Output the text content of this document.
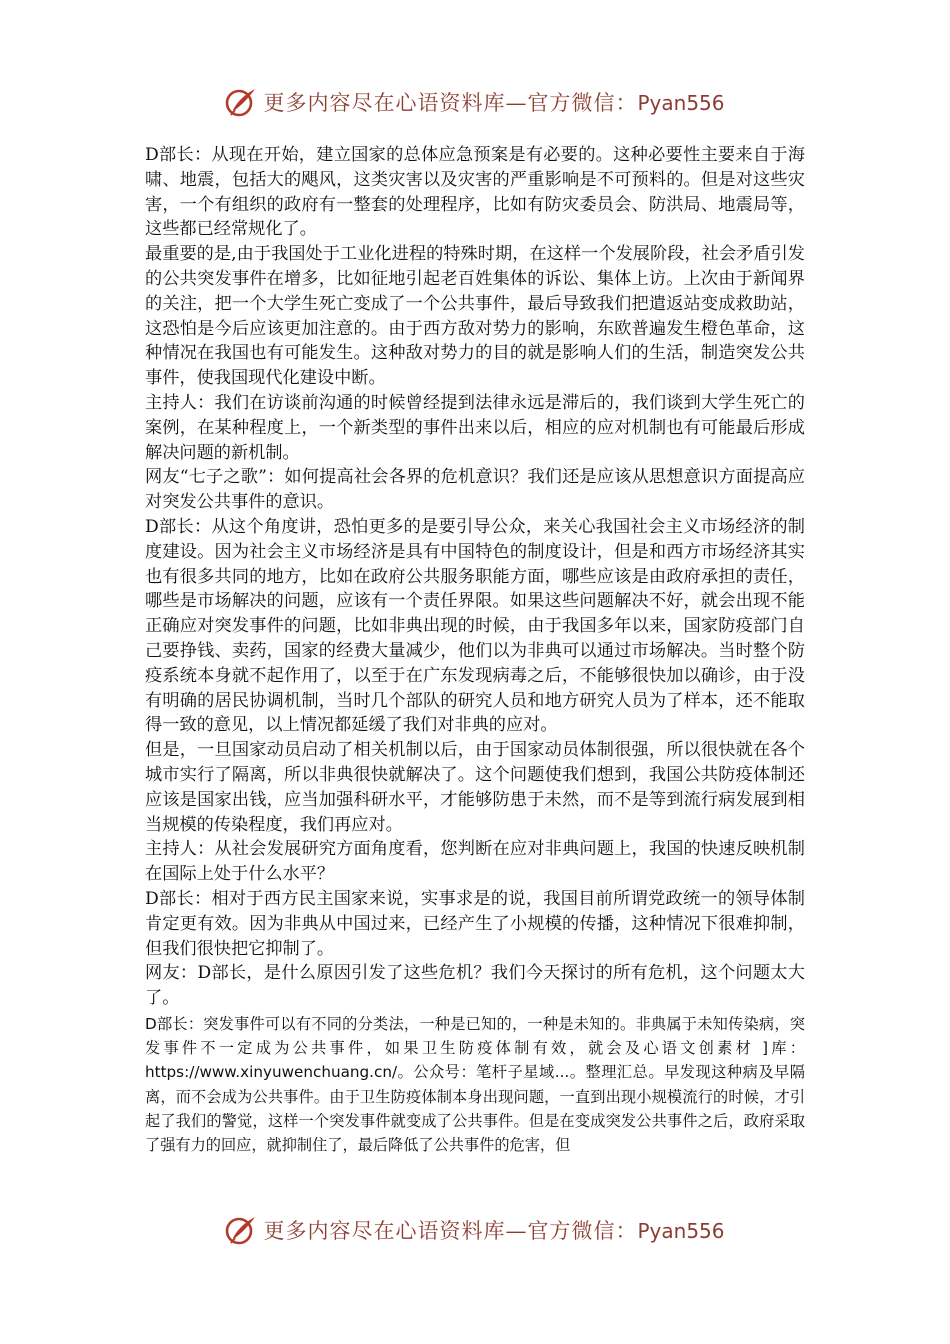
更多内容尽在心语资料库—官方微信：Pyan556

D部长：从现在开始，建立国家的总体应急预案是有必要的。这种必要性主要来自于海啸、地震，包括大的飓风，这类灾害以及灾害的严重影响是不可预料的。但是对这些灾害，一个有组织的政府有一整套的处理程序，比如有防灾委员会、防洪局、地震局等，这些都已经常规化了。

最重要的是,由于我国处于工业化进程的特殊时期，在这样一个发展阶段，社会矛盾引发的公共突发事件在增多，比如征地引起老百姓集体的诉讼、集体上访。上次由于新闻界的关注，把一个大学生死亡变成了一个公共事件，最后导致我们把遣返站变成救助站，这恐怕是今后应该更加注意的。由于西方敌对势力的影响，东欧普遍发生橙色革命，这种情况在我国也有可能发生。这种敌对势力的目的就是影响人们的生活，制造突发公共事件，使我国现代化建设中断。

主持人：我们在访谈前沟通的时候曾经提到法律永远是滞后的，我们谈到大学生死亡的案例，在某种程度上，一个新类型的事件出来以后，相应的应对机制也有可能最后形成解决问题的新机制。

网友“七子之歌”：如何提高社会各界的危机意识？我们还是应该从思想意识方面提高应对突发公共事件的意识。

D部长：从这个角度讲，恐怕更多的是要引导公众，来关心我国社会主义市场经济的制度建设。因为社会主义市场经济是具有中国特色的制度设计，但是和西方市场经济其实也有很多共同的地方，比如在政府公共服务职能方面，哪些应该是由政府承担的责任，哪些是市场解决的问题，应该有一个责任界限。如果这些问题解决不好，就会出现不能正确应对突发事件的问题，比如非典出现的时候，由于我国多年以来，国家防疫部门自己要挣钱、卖药，国家的经费大量减少，他们以为非典可以通过市场解决。当时整个防疫系统本身就不起作用了，以至于在广东发现病毒之后，不能够很快加以确诊，由于没有明确的居民协调机制，当时几个部队的研究人员和地方研究人员为了样本，还不能取得一致的意见，以上情况都延缓了我们对非典的应对。

但是，一旦国家动员启动了相关机制以后，由于国家动员体制很强，所以很快就在各个城市实行了隔离，所以非典很快就解决了。这个问题使我们想到，我国公共防疫体制还应该是国家出钱，应当加强科研水平，才能够防患于未然，而不是等到流行病发展到相当规模的传染程度，我们再应对。

主持人：从社会发展研究方面角度看，您判断在应对非典问题上，我国的快速反映机制在国际上处于什么水平？

D部长：相对于西方民主国家来说，实事求是的说，我国目前所谓党政统一的领导体制肯定更有效。因为非典从中国过来，已经产生了小规模的传播，这种情况下很难抑制，但我们很快把它抑制了。

网友：D部长，是什么原因引发了这些危机？我们今天探讨的所有危机，这个问题太大了。

D部长：突发事件可以有不同的分类法，一种是已知的，一种是未知的。非典属于未知传染病，突发事件不一定成为公共事件，如果卫生防疫体制有效，就会及心语文创素材 ]库：https://www.xinyuwenchuang.cn/。公众号：笔杆子星域...。整理汇总。早发现这种病及早隔离，而不会成为公共事件。由于卫生防疫体制本身出现问题，一直到出现小规模流行的时候，才引起了我们的警觉，这样一个突发事件就变成了公共事件。但是在变成突发公共事件之后，政府采取了强有力的回应，就抑制住了，最后降低了公共事件的危害，但

更多内容尽在心语资料库—官方微信：Pyan556
